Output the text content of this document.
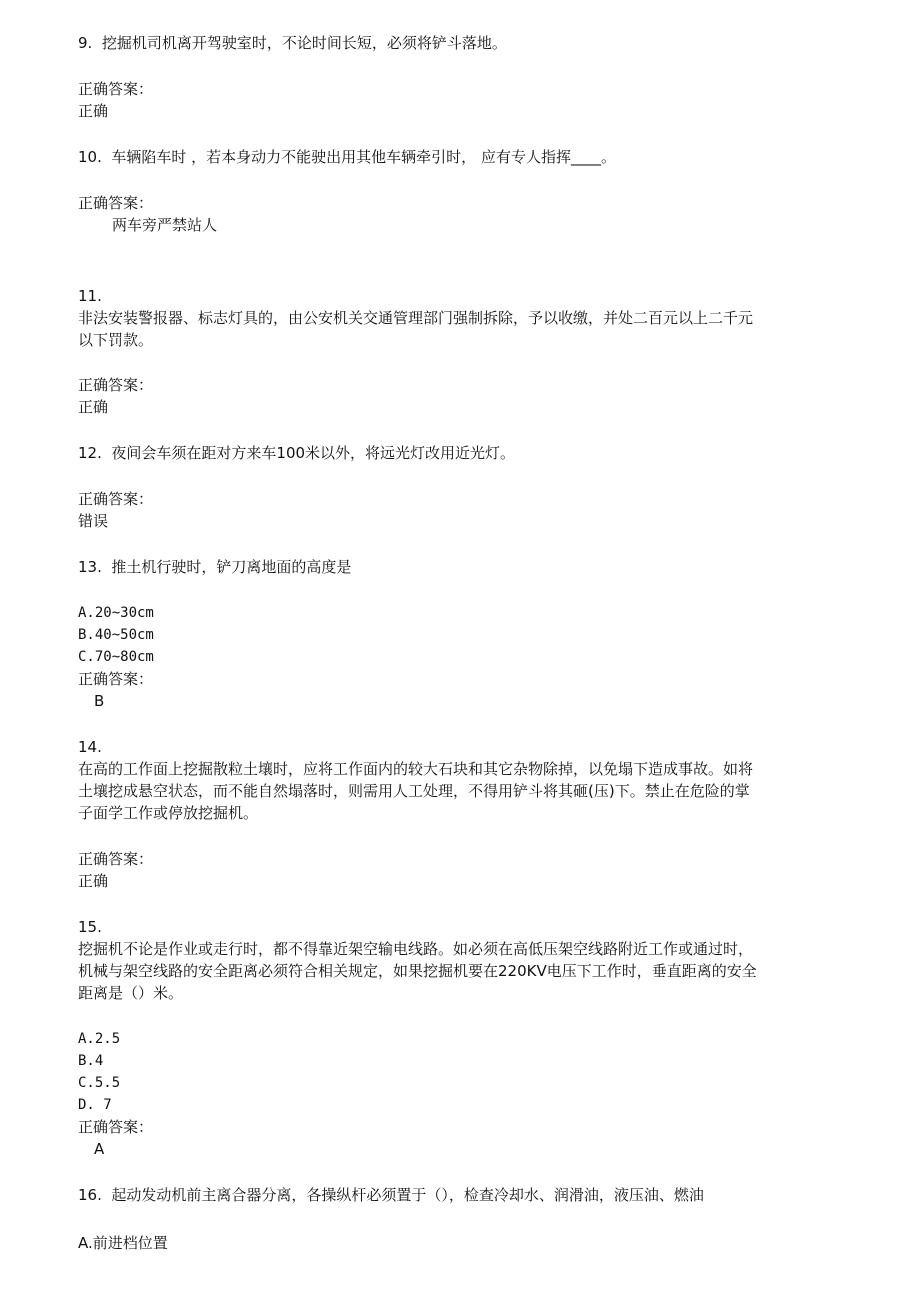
9. 挖掘机司机离开驾驶室时，不论时间长短，必须将铲斗落地。
正确答案：
正确
10. 车辆陷车时 ，若本身动力不能驶出用其他车辆牵引时， 应有专人指挥____。
正确答案：
两车旁严禁站人
11.
非法安装警报器、标志灯具的，由公安机关交通管理部门强制拆除，予以收缴，并处二百元以上二千元
以下罚款。
正确答案：
正确
12. 夜间会车须在距对方来车100米以外，将远光灯改用近光灯。
正确答案：
错误
13. 推土机行驶时，铲刀离地面的高度是
A.20~30cm
B.40~50cm
C.70~80cm
正确答案：
B
14.
在高的工作面上挖掘散粒土壤时，应将工作面内的较大石块和其它杂物除掉，以免塌下造成事故。如将
土壤挖成悬空状态，而不能自然塌落时，则需用人工处理，不得用铲斗将其砸(压)下。禁止在危险的掌
子面学工作或停放挖掘机。
正确答案：
正确
15.
挖掘机不论是作业或走行时，都不得靠近架空输电线路。如必须在高低压架空线路附近工作或通过时，
机械与架空线路的安全距离必须符合相关规定，如果挖掘机要在220KV电压下工作时，垂直距离的安全
距离是（）米。
A.2.5
B.4
C.5.5
D. 7
正确答案：
A
16. 起动发动机前主离合器分离，各操纵杆必须置于（），检查冷却水、润滑油，液压油、燃油
A.前进档位置
